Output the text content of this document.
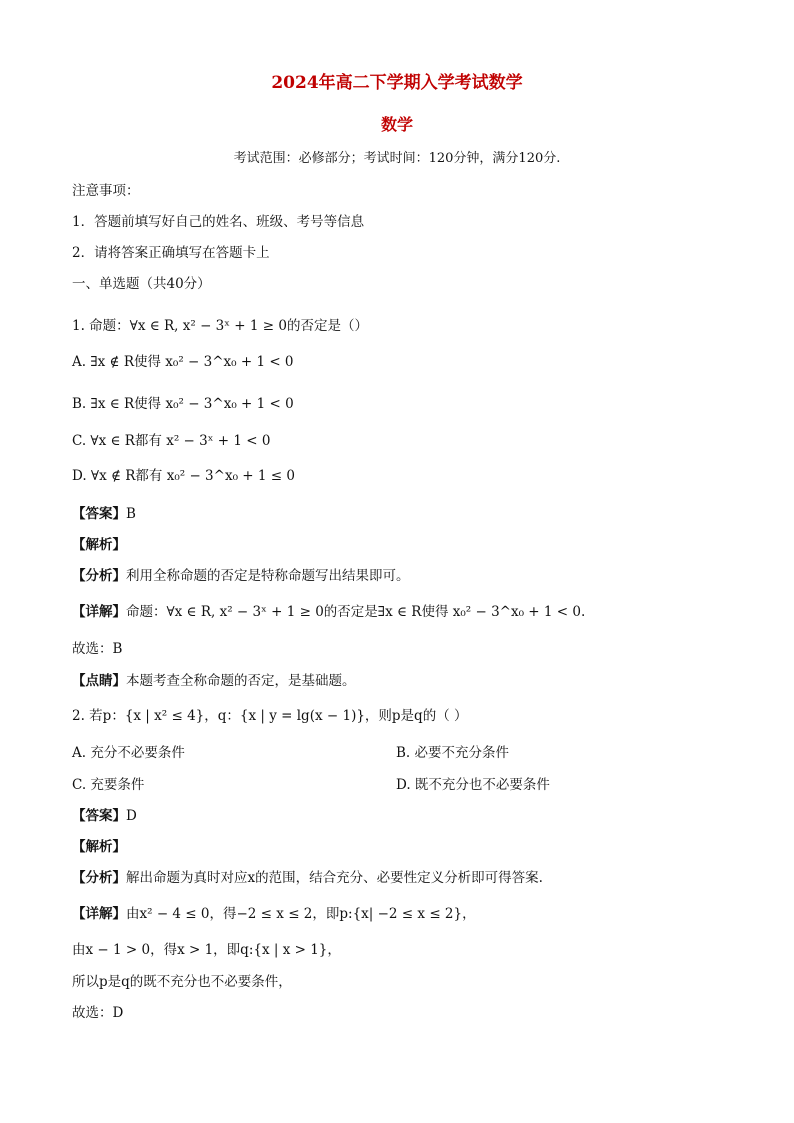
2024年高二下学期入学考试数学
数学
考试范围：必修部分；考试时间：120分钟，满分120分.
注意事项：
1．答题前填写好自己的姓名、班级、考号等信息
2．请将答案正确填写在答题卡上
一、单选题（共40分）
1. 命题：∀x ∈ R, x² − 3ˣ + 1 ≥ 0的否定是（）
A. ∃x ∉ R使得 x₀² − 3^x₀ + 1 < 0
B. ∃x ∈ R使得 x₀² − 3^x₀ + 1 < 0
C. ∀x ∈ R都有 x² − 3ˣ + 1 < 0
D. ∀x ∉ R都有 x₀² − 3^x₀ + 1 ≤ 0
【答案】B
【解析】
【分析】利用全称命题的否定是特称命题写出结果即可。
【详解】命题：∀x ∈ R, x² − 3ˣ + 1 ≥ 0的否定是∃x ∈ R使得 x₀² − 3^x₀ + 1 < 0.
故选：B
【点睛】本题考查全称命题的否定，是基础题。
2. 若p：{x | x² ≤ 4}，q：{x | y = lg(x − 1)}，则p是q的（ ）
A. 充分不必要条件	B. 必要不充分条件
C. 充要条件	D. 既不充分也不必要条件
【答案】D
【解析】
【分析】解出命题为真时对应x的范围，结合充分、必要性定义分析即可得答案.
【详解】由x² − 4 ≤ 0，得−2 ≤ x ≤ 2，即p:{x| −2 ≤ x ≤ 2}，
由x − 1 > 0，得x > 1，即q:{x | x > 1}，
所以p是q的既不充分也不必要条件，
故选：D
